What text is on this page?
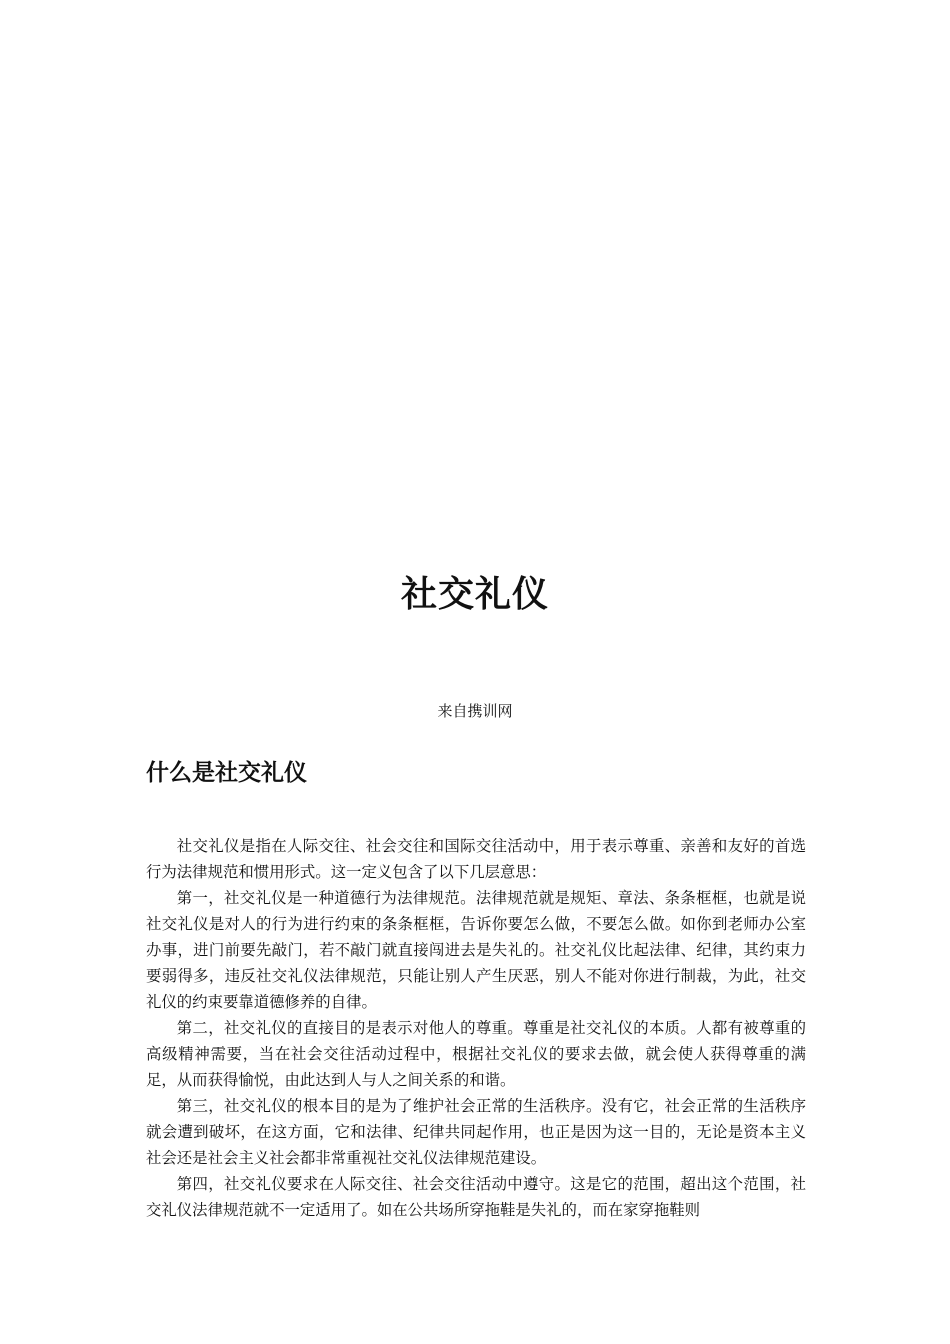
社交礼仪

来自携训网

什么是社交礼仪

社交礼仪是指在人际交往、社会交往和国际交往活动中，用于表示尊重、亲善和友好的首选行为法律规范和惯用形式。这一定义包含了以下几层意思：

第一，社交礼仪是一种道德行为法律规范。法律规范就是规矩、章法、条条框框，也就是说社交礼仪是对人的行为进行约束的条条框框，告诉你要怎么做，不要怎么做。如你到老师办公室办事，进门前要先敲门，若不敲门就直接闯进去是失礼的。社交礼仪比起法律、纪律，其约束力要弱得多，违反社交礼仪法律规范，只能让别人产生厌恶，别人不能对你进行制裁，为此，社交礼仪的约束要靠道德修养的自律。

第二，社交礼仪的直接目的是表示对他人的尊重。尊重是社交礼仪的本质。人都有被尊重的高级精神需要，当在社会交往活动过程中，根据社交礼仪的要求去做，就会使人获得尊重的满足，从而获得愉悦，由此达到人与人之间关系的和谐。

第三，社交礼仪的根本目的是为了维护社会正常的生活秩序。没有它，社会正常的生活秩序就会遭到破坏，在这方面，它和法律、纪律共同起作用，也正是因为这一目的，无论是资本主义社会还是社会主义社会都非常重视社交礼仪法律规范建设。

第四，社交礼仪要求在人际交往、社会交往活动中遵守。这是它的范围，超出这个范围，社交礼仪法律规范就不一定适用了。如在公共场所穿拖鞋是失礼的，而在家穿拖鞋则
